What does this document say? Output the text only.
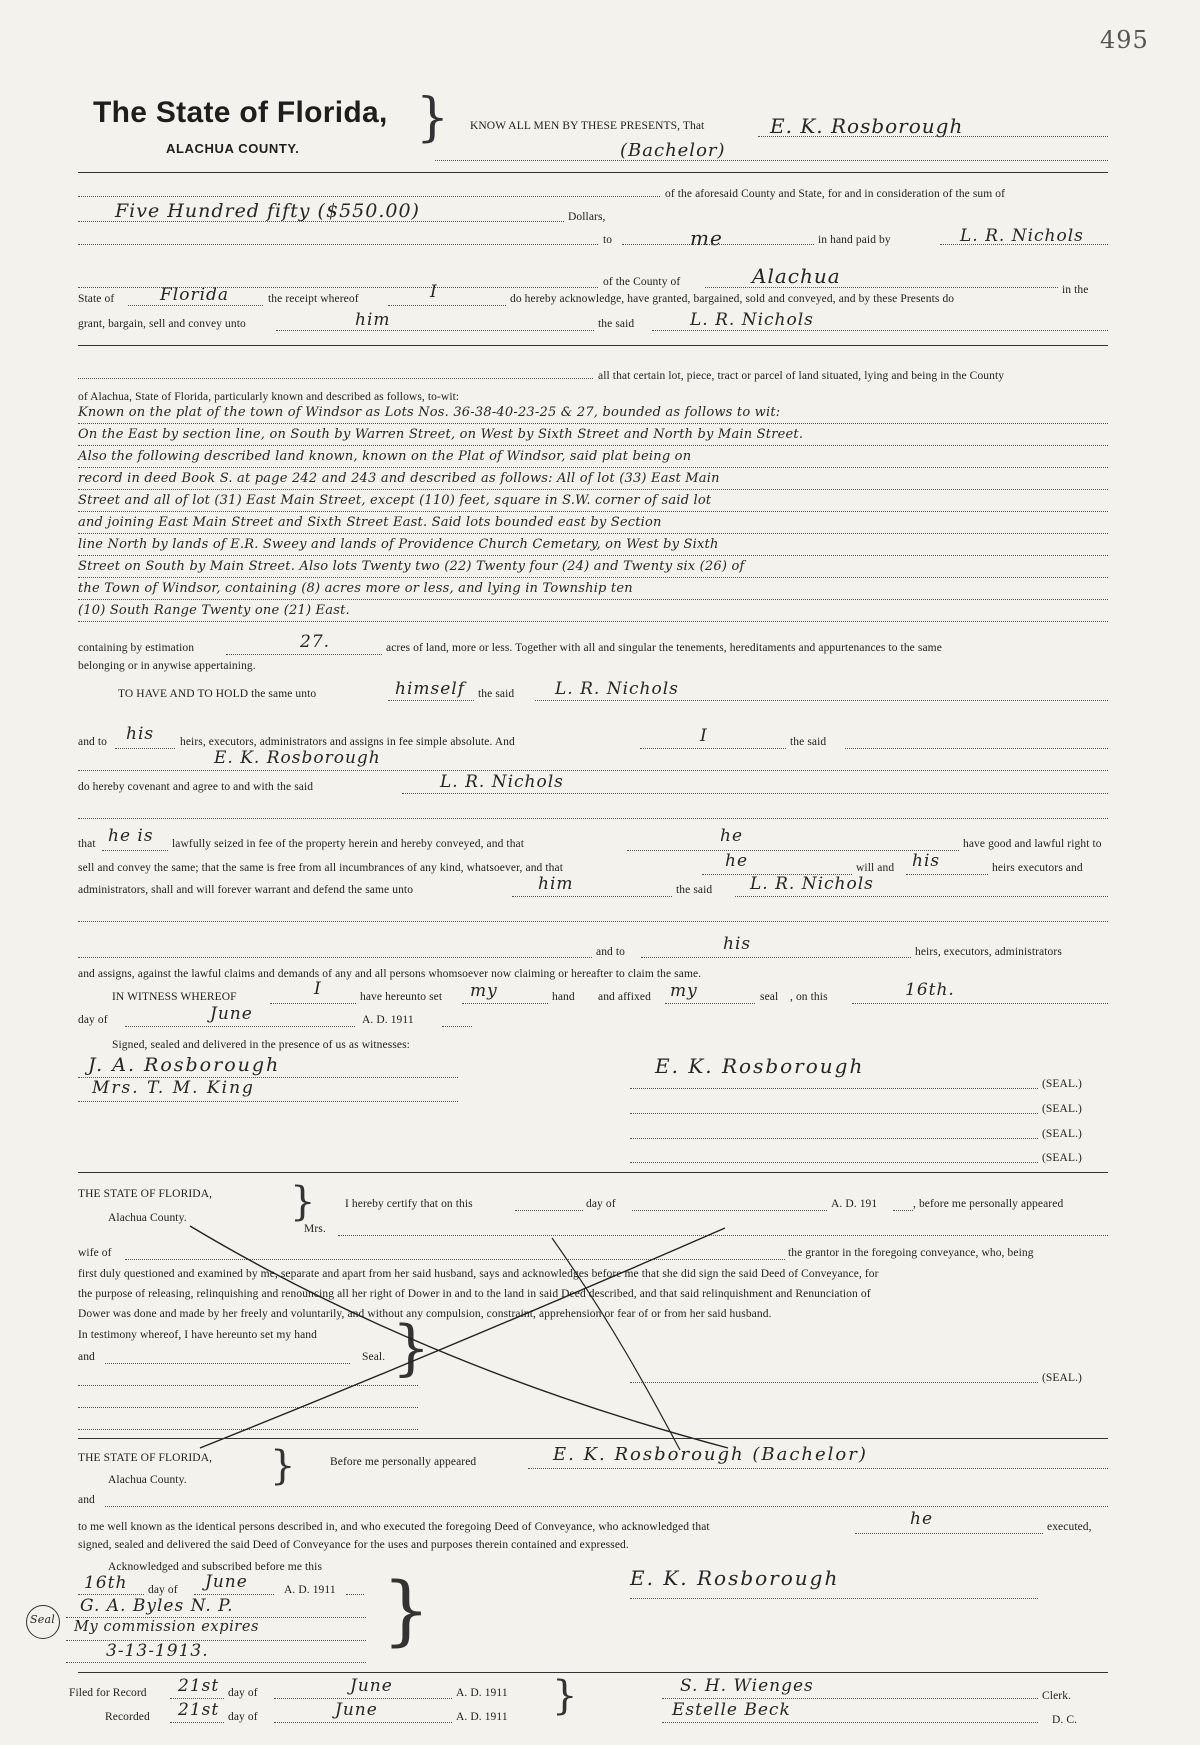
495
The State of Florida,
ALACHUA COUNTY.
} KNOW ALL MEN BY THESE PRESENTS, That	E. K. Rosborough
(Bachelor)
of the aforesaid County and State, for and in consideration of the sum of
Five Hundred fifty ($550.00)	Dollars,
to	me	in hand paid by	L. R. Nichols
of the County of	Alachua
in the
State of	Florida	the receipt whereof	I	do hereby acknowledge, have granted, bargained, sold and conveyed, and by these Presents do
grant, bargain, sell and convey unto	him	the said	L. R. Nichols
all that certain lot, piece, tract or parcel of land situated, lying and being in the County
of Alachua, State of Florida, particularly known and described as follows, to-wit:
Known on the plat of the town of Windsor as Lots Nos. 36-38-40-23-25 & 27, bounded as follows to wit:
On the East by section line, on South by Warren Street, on West by Sixth Street and North by Main Street.
Also the following described land known, known on the Plat of Windsor, said plat being on
record in deed Book S. at page 242 and 243 and described as follows: All of lot (33) East Main
Street and all of lot (31) East Main Street, except (110) feet, square in S.W. corner of said lot
and joining East Main Street and Sixth Street East. Said lots bounded east by Section
line North by lands of E.R. Sweey and lands of Providence Church Cemetary, on West by Sixth
Street on South by Main Street. Also lots Twenty two (22) Twenty four (24) and Twenty six (26) of
the Town of Windsor, containing (8) acres more or less, and lying in Township ten
(10) South Range Twenty one (21) East.
containing by estimation	27.	acres of land, more or less. Together with all and singular the tenements, hereditaments and appurtenances to the same
belonging or in anywise appertaining.
TO HAVE AND TO HOLD the same unto	himself the said L. R. Nichols
and to his heirs, executors, administrators and assigns in fee simple absolute. And	I	the said
E. K. Rosborough
do hereby covenant and agree to and with the said	L. R. Nichols
that he is lawfully seized in fee of the property herein and hereby conveyed, and that	he	have good and lawful right to
sell and convey the same; that the same is free from all incumbrances of any kind, whatsoever, and that	he	will and his	heirs executors and
administrators, shall and will forever warrant and defend the same unto	him	the said L. R. Nichols
and to	his	heirs, executors, administrators
and assigns, against the lawful claims and demands of any and all persons whomsoever now claiming or hereafter to claim the same.
IN WITNESS WHEREOF	I	have hereunto set my	hand and affixed my	seal , on this	16th.
day of	June	A. D. 1911
Signed, sealed and delivered in the presence of us as witnesses:
J. A. Rosborough
Mrs. T. M. King
E. K. Rosborough
(SEAL.)
(SEAL.)
(SEAL.)
(SEAL.)
THE STATE OF FLORIDA,
Alachua County.	}	I hereby certify that on this	day of	A. D. 191	, before me personally appeared
Mrs.
wife of	the grantor in the foregoing conveyance, who, being
first duly questioned and examined by me, separate and apart from her said husband, says and acknowledges before me that she did sign the said Deed of Conveyance, for
the purpose of releasing, relinquishing and renouncing all her right of Dower in and to the land in said Deed described, and that said relinquishment and Renunciation of
Dower was done and made by her freely and voluntarily, and without any compulsion, constraint, apprehension or fear of or from her said husband.
In testimony whereof, I have hereunto set my hand
and	Seal. }	(SEAL.)
THE STATE OF FLORIDA,
Alachua County. }	Before me personally appeared	E. K. Rosborough (Bachelor)
and
to me well known as the identical persons described in, and who executed the foregoing Deed of Conveyance, who acknowledged that	he	executed,
signed, sealed and delivered the said Deed of Conveyance for the uses and purposes therein contained and expressed.
Acknowledged and subscribed before me this
16th day of June	A. D. 1911 }
G. A. Byles N. P.
My commission expires
3-13-1913.
Seal
E. K. Rosborough
Filed for Record 21st day of	June	A. D. 1911
Recorded 21st day of	June	A. D. 1911 }	S. H. Wienges	Clerk.
Estelle Beck	D. C.
